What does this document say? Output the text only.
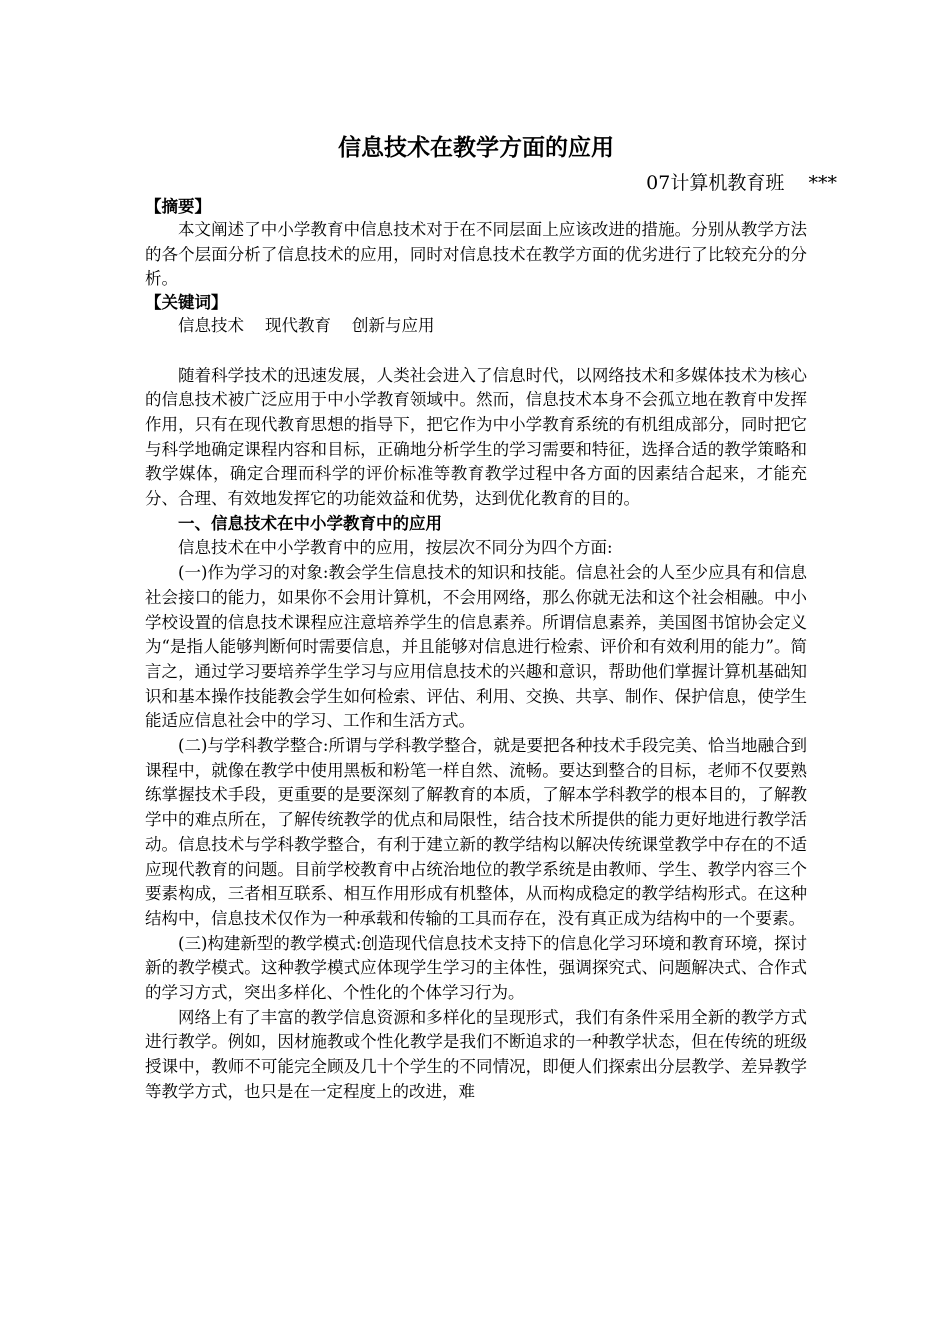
信息技术在教学方面的应用
07计算机教育班    ***
【摘要】

本文阐述了中小学教育中信息技术对于在不同层面上应该改进的措施。分别从教学方法的各个层面分析了信息技术的应用，同时对信息技术在教学方面的优劣进行了比较充分的分析。

【关键词】
信息技术    现代教育    创新与应用

随着科学技术的迅速发展，人类社会进入了信息时代，以网络技术和多媒体技术为核心的信息技术被广泛应用于中小学教育领域中。然而，信息技术本身不会孤立地在教育中发挥作用，只有在现代教育思想的指导下，把它作为中小学教育系统的有机组成部分，同时把它与科学地确定课程内容和目标，正确地分析学生的学习需要和特征，选择合适的教学策略和教学媒体，确定合理而科学的评价标准等教育教学过程中各方面的因素结合起来，才能充分、合理、有效地发挥它的功能效益和优势，达到优化教育的目的。

一、信息技术在中小学教育中的应用

信息技术在中小学教育中的应用，按层次不同分为四个方面:

(一)作为学习的对象:教会学生信息技术的知识和技能。信息社会的人至少应具有和信息社会接口的能力，如果你不会用计算机，不会用网络，那么你就无法和这个社会相融。中小学校设置的信息技术课程应注意培养学生的信息素养。所谓信息素养，美国图书馆协会定义为“是指人能够判断何时需要信息，并且能够对信息进行检索、评价和有效利用的能力”。简言之，通过学习要培养学生学习与应用信息技术的兴趣和意识，帮助他们掌握计算机基础知识和基本操作技能教会学生如何检索、评估、利用、交换、共享、制作、保护信息，使学生能适应信息社会中的学习、工作和生活方式。

(二)与学科教学整合:所谓与学科教学整合，就是要把各种技术手段完美、恰当地融合到课程中，就像在教学中使用黑板和粉笔一样自然、流畅。要达到整合的目标，老师不仅要熟练掌握技术手段，更重要的是要深刻了解教育的本质，了解本学科教学的根本目的，了解教学中的难点所在，了解传统教学的优点和局限性，结合技术所提供的能力更好地进行教学活动。信息技术与学科教学整合，有利于建立新的教学结构以解决传统课堂教学中存在的不适应现代教育的问题。目前学校教育中占统治地位的教学系统是由教师、学生、教学内容三个要素构成，三者相互联系、相互作用形成有机整体，从而构成稳定的教学结构形式。在这种结构中，信息技术仅作为一种承载和传输的工具而存在，没有真正成为结构中的一个要素。

(三)构建新型的教学模式:创造现代信息技术支持下的信息化学习环境和教育环境，探讨新的教学模式。这种教学模式应体现学生学习的主体性，强调探究式、问题解决式、合作式的学习方式，突出多样化、个性化的个体学习行为。

网络上有了丰富的教学信息资源和多样化的呈现形式，我们有条件采用全新的教学方式进行教学。例如，因材施教或个性化教学是我们不断追求的一种教学状态，但在传统的班级授课中，教师不可能完全顾及几十个学生的不同情况，即便人们探索出分层教学、差异教学等教学方式，也只是在一定程度上的改进，难
